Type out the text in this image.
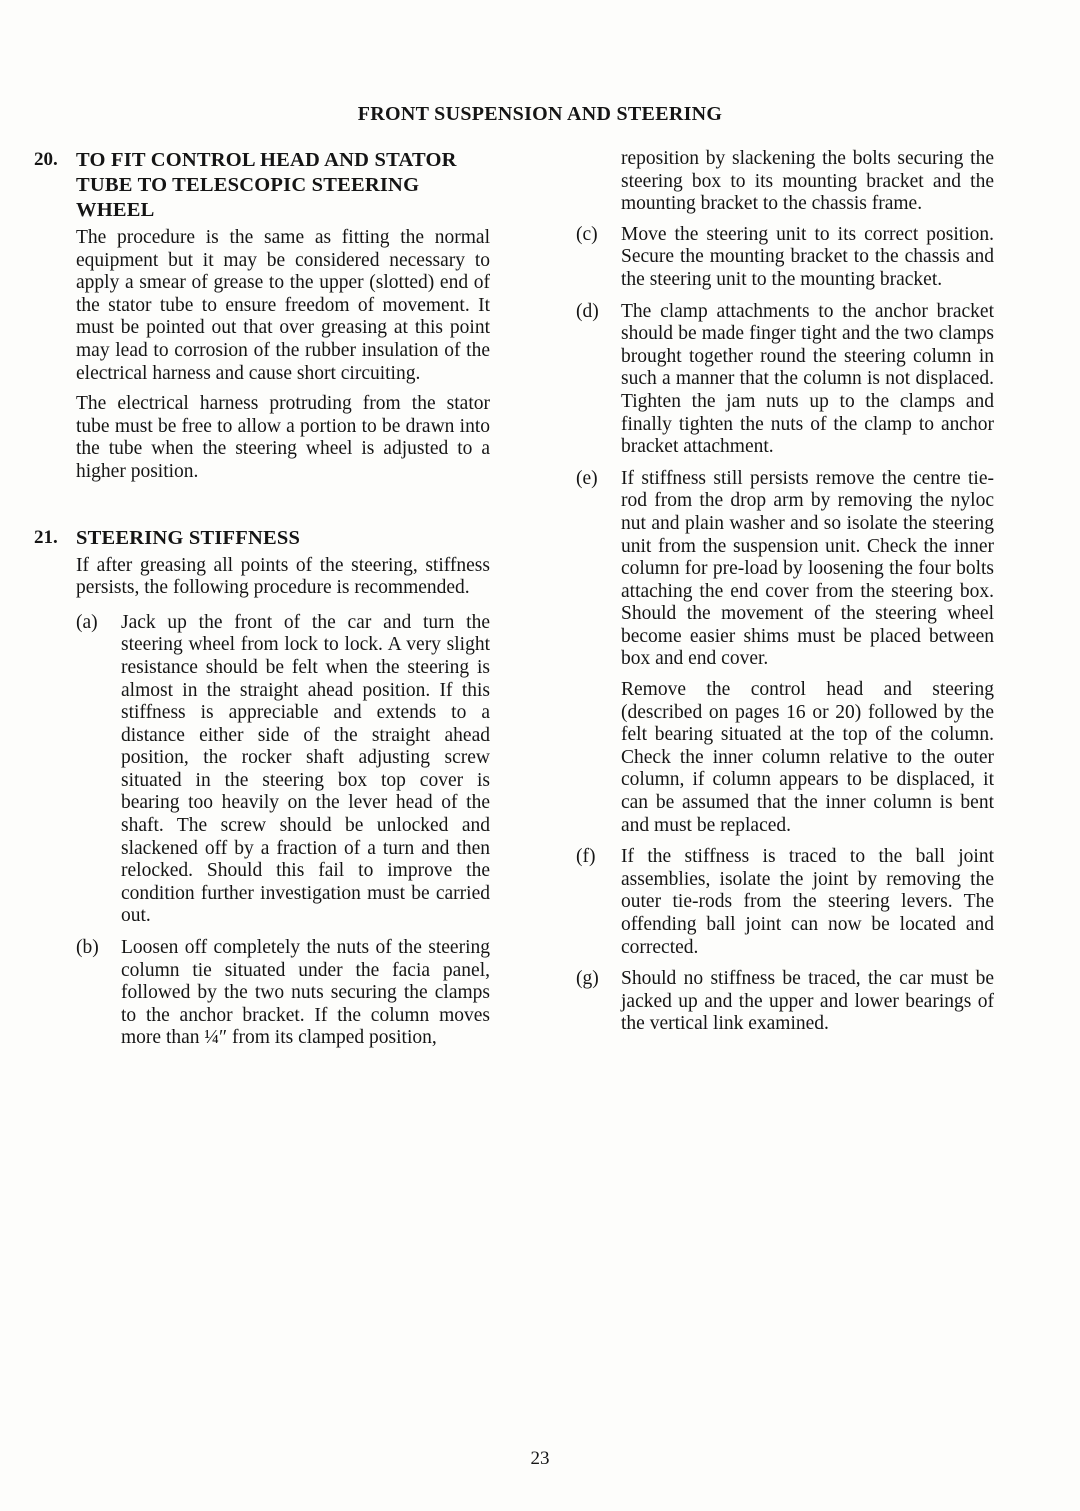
FRONT SUSPENSION AND STEERING
20. TO FIT CONTROL HEAD AND STATOR TUBE TO TELESCOPIC STEERING WHEEL

The procedure is the same as fitting the normal equipment but it may be considered necessary to apply a smear of grease to the upper (slotted) end of the stator tube to ensure freedom of movement. It must be pointed out that over greasing at this point may lead to corrosion of the rubber insulation of the electrical harness and cause short circuiting.

The electrical harness protruding from the stator tube must be free to allow a portion to be drawn into the tube when the steering wheel is adjusted to a higher position.

21. STEERING STIFFNESS

If after greasing all points of the steering, stiffness persists, the following procedure is recommended.

(a) Jack up the front of the car and turn the steering wheel from lock to lock. A very slight resistance should be felt when the steering is almost in the straight ahead position. If this stiffness is appreciable and extends to a distance either side of the straight ahead position, the rocker shaft adjusting screw situated in the steering box top cover is bearing too heavily on the lever head of the shaft. The screw should be unlocked and slackened off by a fraction of a turn and then relocked. Should this fail to improve the condition further investigation must be carried out.
(b) Loosen off completely the nuts of the steering column tie situated under the facia panel, followed by the two nuts securing the clamps to the anchor bracket. If the column moves more than ¼″ from its clamped position,

reposition by slackening the bolts securing the steering box to its mounting bracket and the mounting bracket to the chassis frame.

(c) Move the steering unit to its correct position. Secure the mounting bracket to the chassis and the steering unit to the mounting bracket.
(d) The clamp attachments to the anchor bracket should be made finger tight and the two clamps brought together round the steering column in such a manner that the column is not displaced. Tighten the jam nuts up to the clamps and finally tighten the nuts of the clamp to anchor bracket attachment.
(e) If stiffness still persists remove the centre tie-rod from the drop arm by removing the nyloc nut and plain washer and so isolate the steering unit from the suspension unit. Check the inner column for pre-load by loosening the four bolts attaching the end cover from the steering box. Should the movement of the steering wheel become easier shims must be placed between box and end cover.

Remove the control head and steering (described on pages 16 or 20) followed by the felt bearing situated at the top of the column. Check the inner column relative to the outer column, if column appears to be displaced, it can be assumed that the inner column is bent and must be replaced.

(f) If the stiffness is traced to the ball joint assemblies, isolate the joint by removing the outer tie-rods from the steering levers. The offending ball joint can now be located and corrected.
(g) Should no stiffness be traced, the car must be jacked up and the upper and lower bearings of the vertical link examined.
23
